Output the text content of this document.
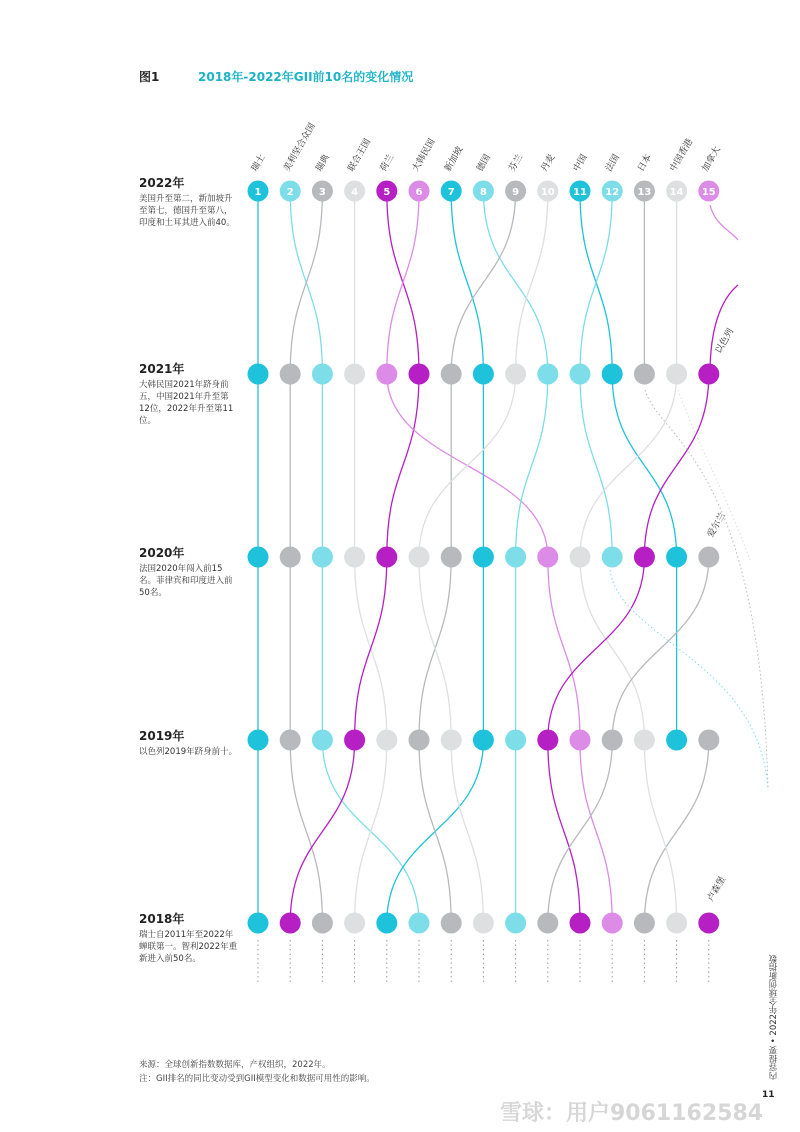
图1	2018年-2022年GII前10名的变化情况
1	2	3	4	5	6	7	8	9 10 11 12 13 14 15
瑞士 美利坚合众国
瑞典 联合王国 荷兰 大韩民国 新加坡 德国 芬兰 丹麦 中国 法国 日本 中国香港 加拿大
以色列
爱尔兰
卢森堡
2022年
美国升至第二，新加坡升至第七，德国升至第八，印度和土耳其进入前40。
2021年
大韩民国2021年跻身前五，中国2021年升至第12位，2022年升至第11位。
2020年
法国2020年闯入前15名。菲律宾和印度进入前50名。
2019年
以色列2019年跻身前十。
2018年
瑞士自2011年至2022年蝉联第一。智利2022年重新进入前50名。
来源：全球创新指数数据库，产权组织，2022年。
注：GII排名的同比变动受到GII模型变化和数据可用性的影响。	内容提要 • 2022年全球创新指数
11
雪球：用户9061162584
